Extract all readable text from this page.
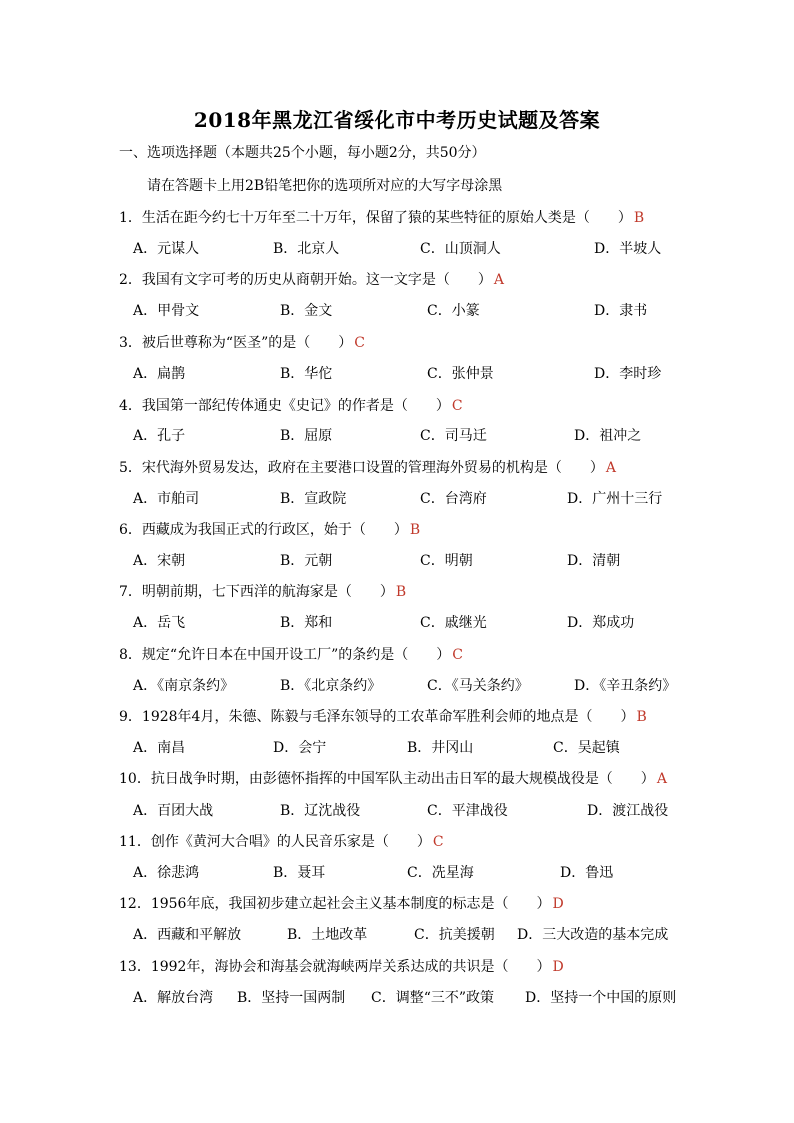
2018年黑龙江省绥化市中考历史试题及答案
一、选项选择题（本题共25个小题，每小题2分，共50分）
请在答题卡上用2B铅笔把你的选项所对应的大写字母涂黑
1．生活在距今约七十万年至二十万年，保留了猿的某些特征的原始人类是（　　） B
A．元谋人	B．北京人	C．山顶洞人	D．半坡人
2．我国有文字可考的历史从商朝开始。这一文字是（　　） A
A．甲骨文	B．金文	C．小篆	D．隶书
3．被后世尊称为“医圣”的是（　　） C
A．扁鹊	B．华佗	C．张仲景	D．李时珍
4．我国第一部纪传体通史《史记》的作者是（　　） C
A．孔子	B．屈原	C．司马迁	D．祖冲之
5．宋代海外贸易发达，政府在主要港口设置的管理海外贸易的机构是（　　） A
A．市舶司	B．宣政院	C．台湾府	D．广州十三行
6．西藏成为我国正式的行政区，始于（　　） B
A．宋朝	B．元朝	C．明朝	D．清朝
7．明朝前期，七下西洋的航海家是（　　） B
A．岳飞	B．郑和	C．戚继光	D．郑成功
8．规定“允许日本在中国开设工厂”的条约是（　　） C
A．《南京条约》	B．《北京条约》	C．《马关条约》	D．《辛丑条约》
9．1928年4月，朱德、陈毅与毛泽东领导的工农革命军胜利会师的地点是（　　） B
A．南昌	D．会宁	B．井冈山	C．吴起镇
10．抗日战争时期，由彭德怀指挥的中国军队主动出击日军的最大规模战役是（　　） A
A．百团大战	B．辽沈战役	C．平津战役	D．渡江战役
11．创作《黄河大合唱》的人民音乐家是（　　） C
A．徐悲鸿	B．聂耳	C．冼星海	D．鲁迅
12．1956年底，我国初步建立起社会主义基本制度的标志是（　　） D
A．西藏和平解放	B．土地改革	C．抗美援朝 D．三大改造的基本完成
13．1992年，海协会和海基会就海峡两岸关系达成的共识是（　　） D
A．解放台湾 B．坚持一国两制 C．调整“三不”政策 D．坚持一个中国的原则
